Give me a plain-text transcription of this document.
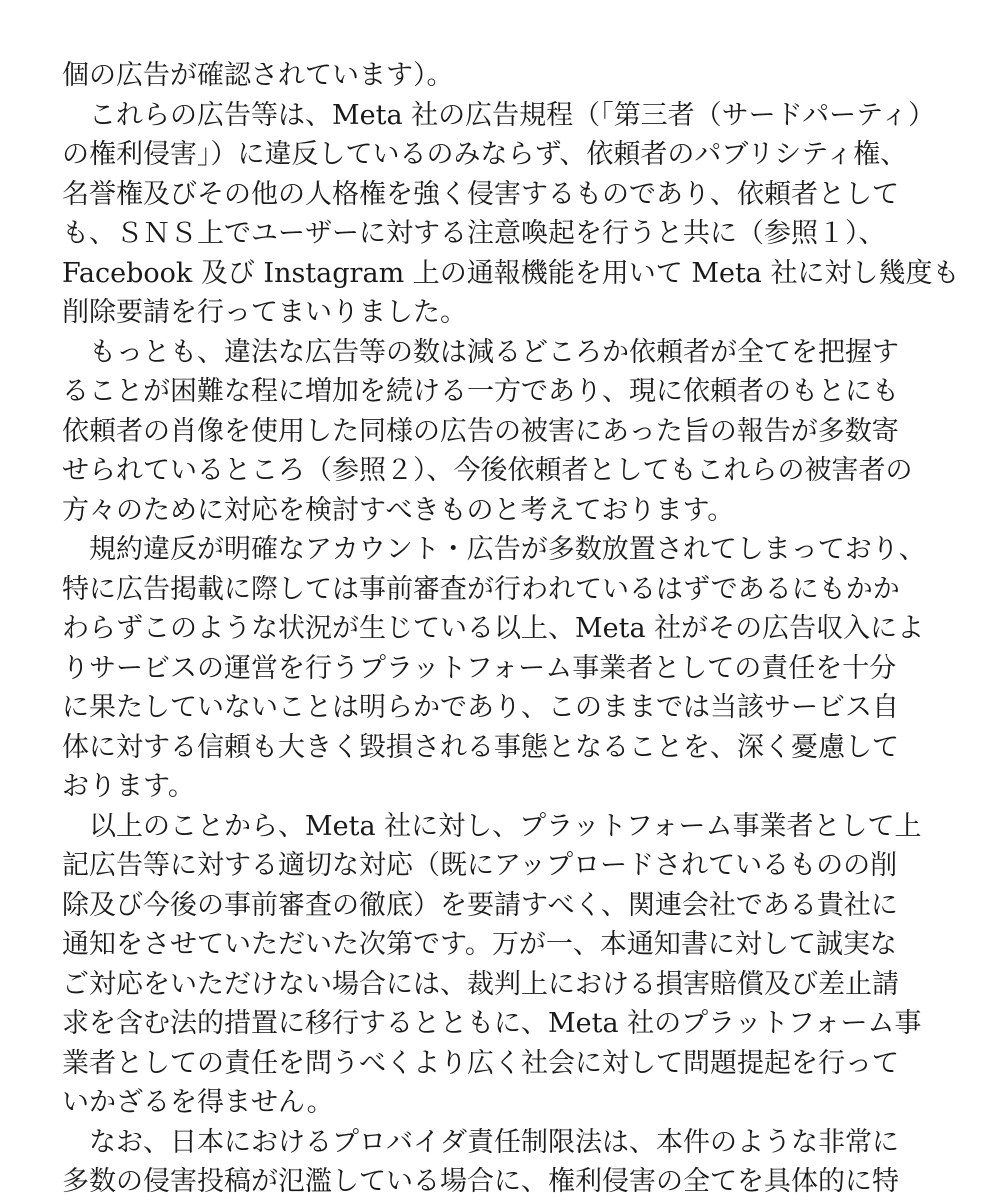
個の広告が確認されています）。
　これらの広告等は、Meta 社の広告規程（「第三者（サードパーティ）
の権利侵害」）に違反しているのみならず、依頼者のパブリシティ権、
名誉権及びその他の人格権を強く侵害するものであり、依頼者として
も、ＳＮＳ上でユーザーに対する注意喚起を行うと共に（参照１）、
Facebook 及び Instagram 上の通報機能を用いて Meta 社に対し幾度も
削除要請を行ってまいりました。
　もっとも、違法な広告等の数は減るどころか依頼者が全てを把握す
ることが困難な程に増加を続ける一方であり、現に依頼者のもとにも
依頼者の肖像を使用した同様の広告の被害にあった旨の報告が多数寄
せられているところ（参照２）、今後依頼者としてもこれらの被害者の
方々のために対応を検討すべきものと考えております。
　規約違反が明確なアカウント・広告が多数放置されてしまっており、
特に広告掲載に際しては事前審査が行われているはずであるにもかか
わらずこのような状況が生じている以上、Meta 社がその広告収入によ
りサービスの運営を行うプラットフォーム事業者としての責任を十分
に果たしていないことは明らかであり、このままでは当該サービス自
体に対する信頼も大きく毀損される事態となることを、深く憂慮して
おります。
　以上のことから、Meta 社に対し、プラットフォーム事業者として上
記広告等に対する適切な対応（既にアップロードされているものの削
除及び今後の事前審査の徹底）を要請すべく、関連会社である貴社に
通知をさせていただいた次第です。万が一、本通知書に対して誠実な
ご対応をいただけない場合には、裁判上における損害賠償及び差止請
求を含む法的措置に移行するとともに、Meta 社のプラットフォーム事
業者としての責任を問うべくより広く社会に対して問題提起を行って
いかざるを得ません。
　なお、日本におけるプロバイダ責任制限法は、本件のような非常に
多数の侵害投稿が氾濫している場合に、権利侵害の全てを具体的に特
